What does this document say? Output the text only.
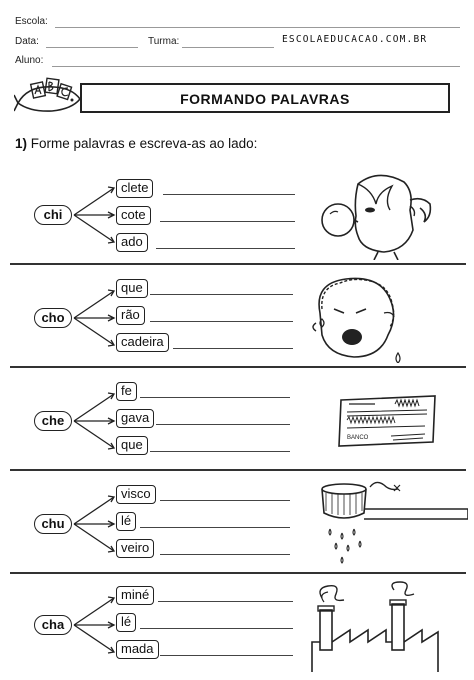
Escola:
Data:	Turma:	ESCOLAEDUCACAO.COM.BR
Aluno:
FORMANDO PALAVRAS
1) Forme palavras e escreva-as ao lado:
chi
clete
cote
ado
cho
que
rão
cadeira
che
fe
gava
que	BANCO
chu
visco
lé
veiro
cha
miné
lé
mada
